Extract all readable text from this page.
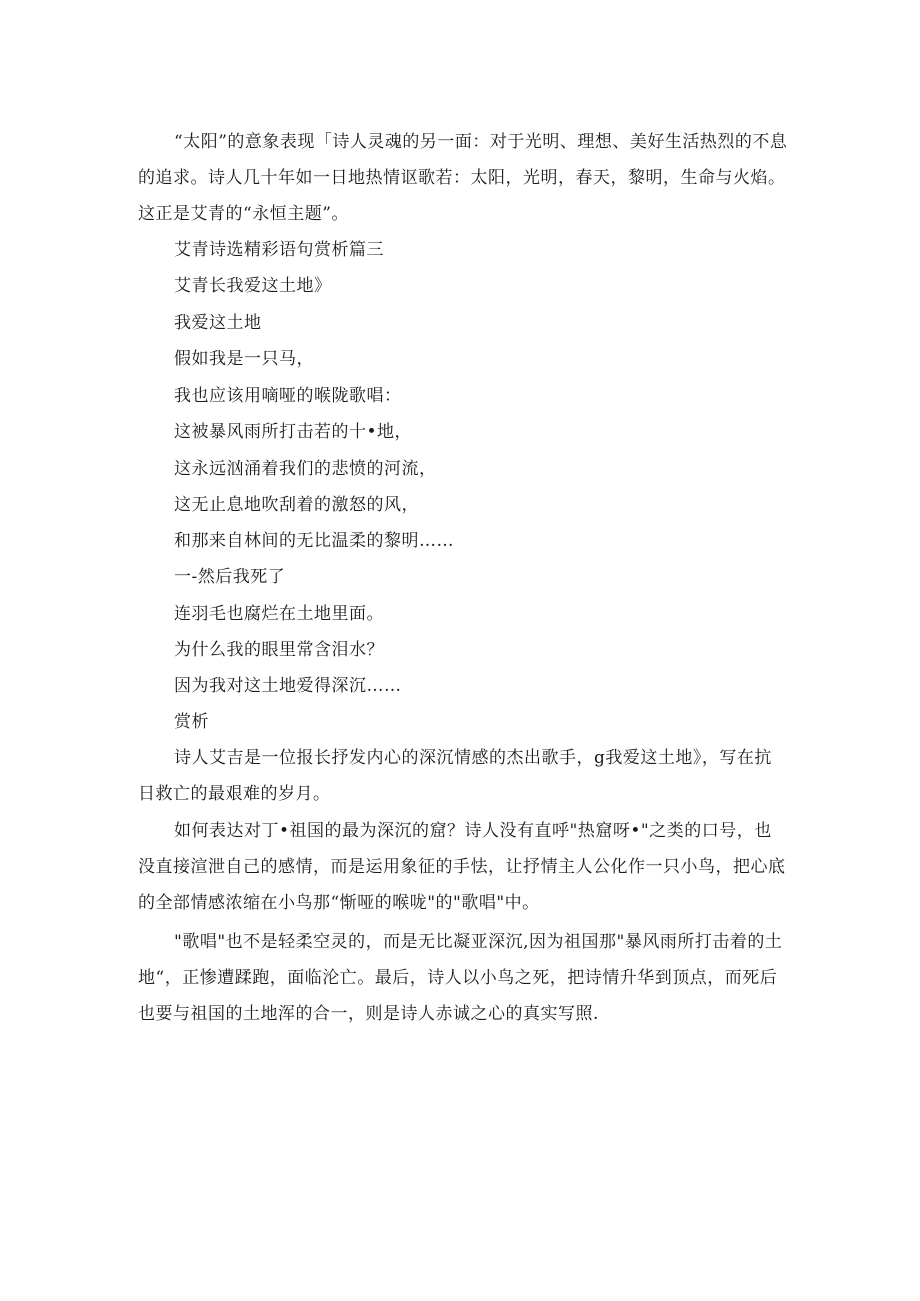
“太阳”的意象表现「诗人灵魂的另一面：对于光明、理想、美好生活热烈的不息的追求。诗人几十年如一日地热情讴歌若：太阳，光明，春天，黎明，生命与火焰。这正是艾青的“永恒主题”。

艾青诗选精彩语句赏析篇三

艾青长我爱这土地》

我爱这土地

假如我是一只马，

我也应该用嘀哑的喉陇歌唱：

这被暴风雨所打击若的十•地，

这永远汹涌着我们的悲愤的河流，

这无止息地吹刮着的激怒的风，

和那来自林间的无比温柔的黎明……

一-然后我死了

连羽毛也腐烂在土地里面。

为什么我的眼里常含泪水？

因为我对这土地爱得深沉……

赏析

诗人艾吉是一位报长抒发内心的深沉情感的杰出歌手，g我爱这土地》，写在抗日救亡的最艰难的岁月。

如何表达对丁•祖国的最为深沉的窟？诗人没有直呼"热窟呀•"之类的口号，也没直接渲泄自己的感情，而是运用象征的手怯，让抒情主人公化作一只小鸟，把心底的全部情感浓缩在小鸟那“惭哑的喉咙"的"歌唱"中。

"歌唱"也不是轻柔空灵的，而是无比凝亚深沉,因为祖国那"暴风雨所打击着的土地“，正惨遭蹂跑，面临沦亡。最后，诗人以小鸟之死，把诗情升华到顶点，而死后也要与祖国的土地浑的合一，则是诗人赤诚之心的真实写照.
